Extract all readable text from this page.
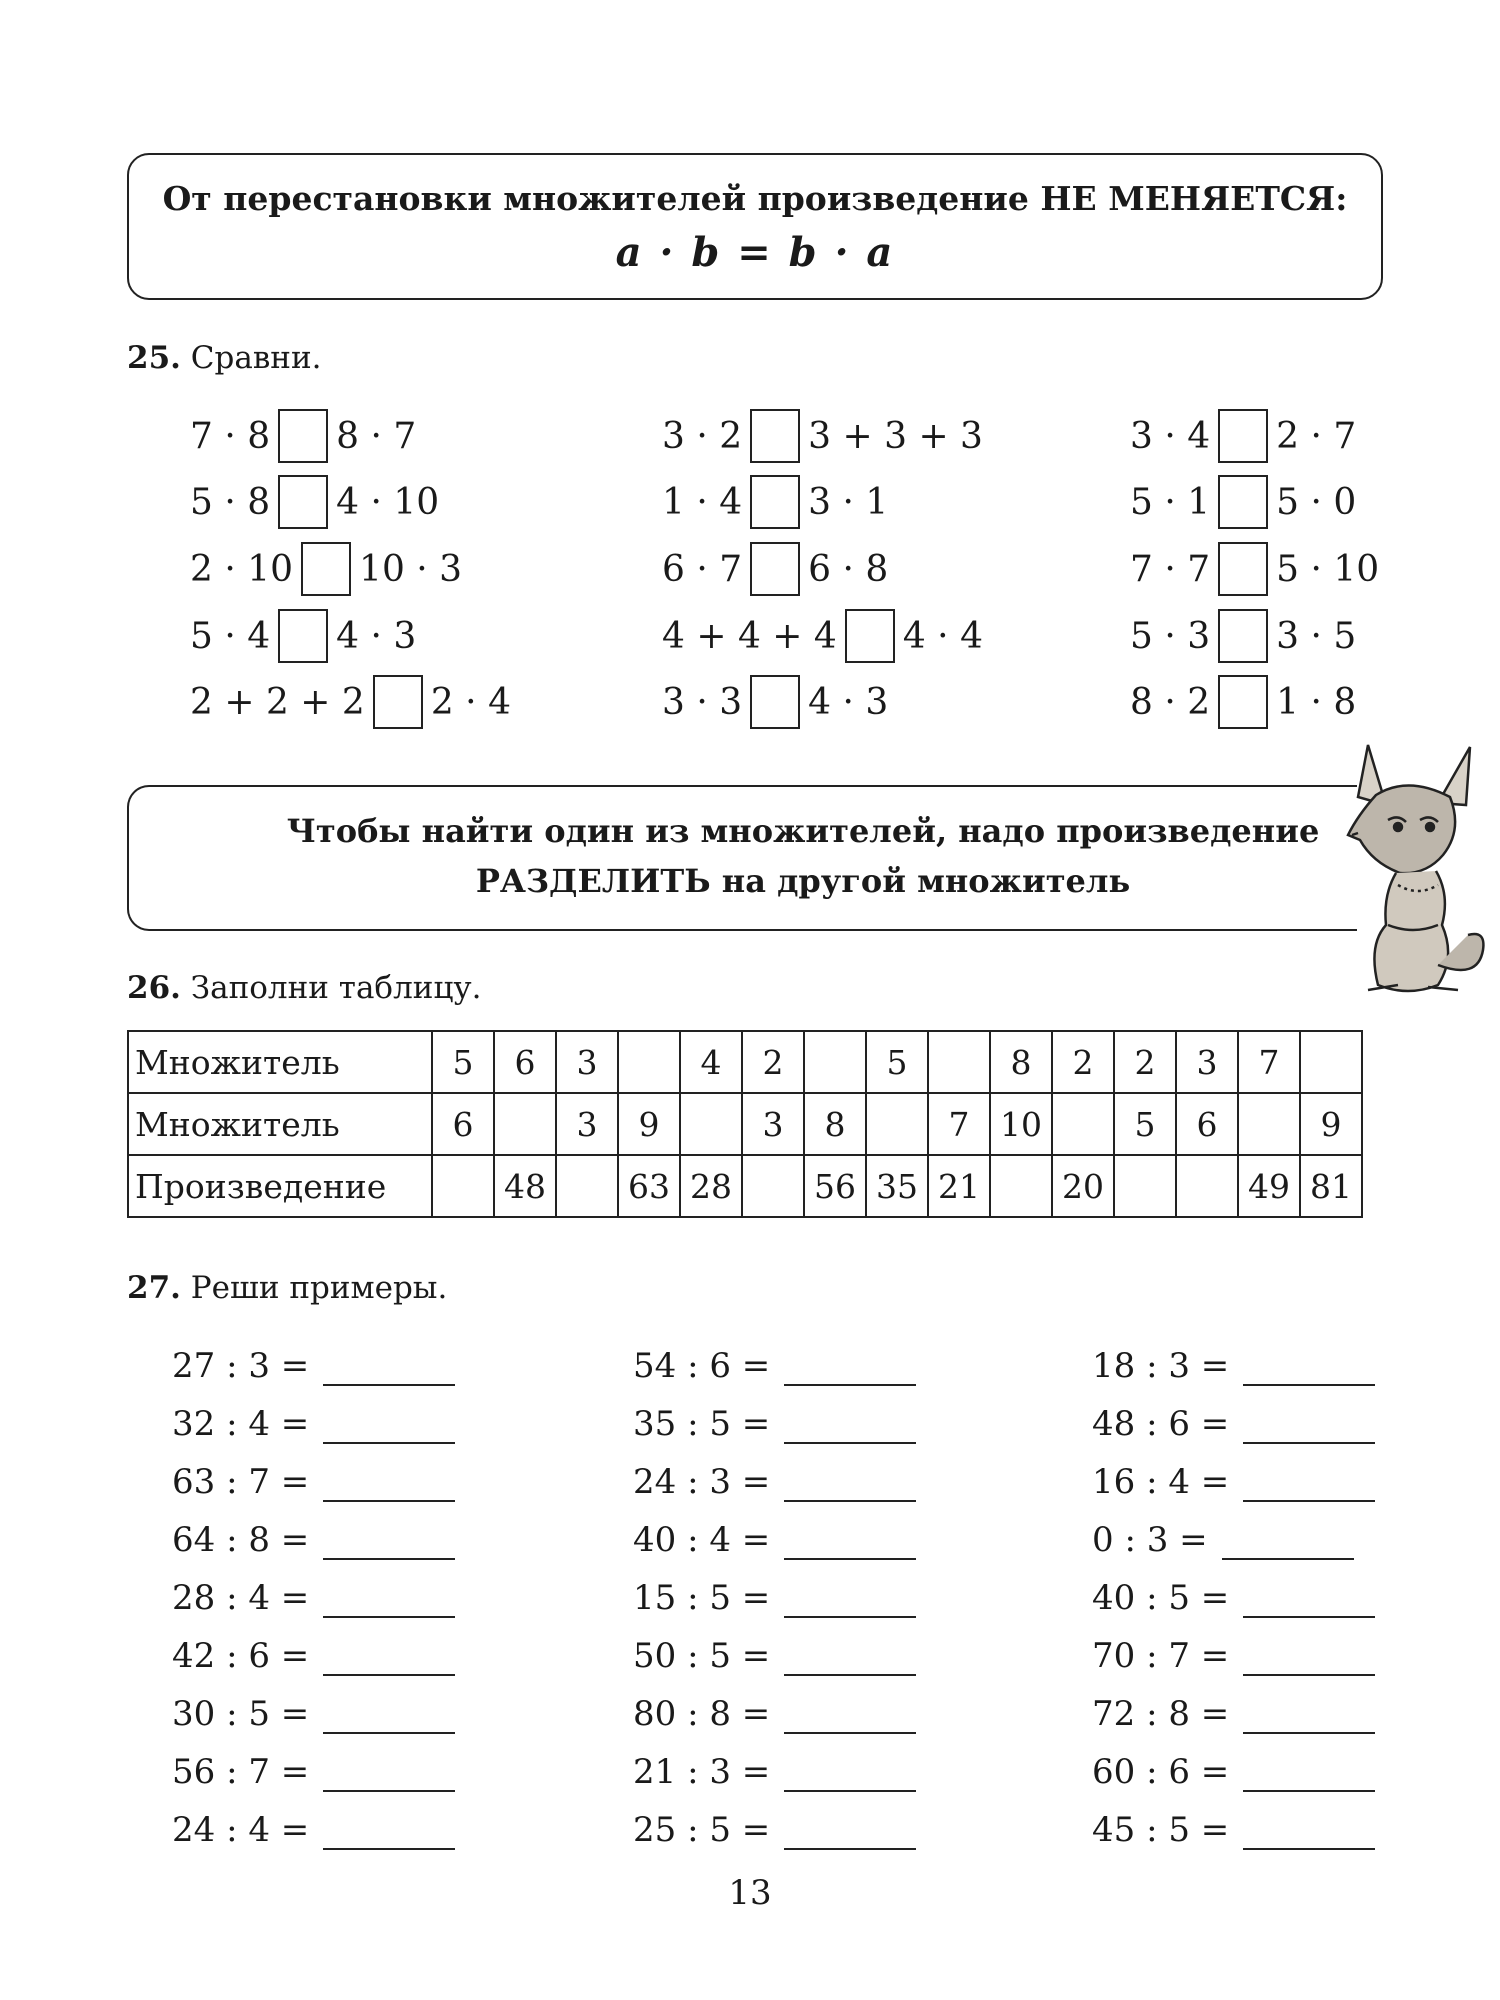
От перестановки множителей произведение НЕ МЕНЯЕТСЯ:
a · b = b · a
25. Сравни.
7 · 8 8 · 7
5 · 8 4 · 10
2 · 10 10 · 3
5 · 4 4 · 3
2 + 2 + 2 2 · 4
3 · 2 3 + 3 + 3
1 · 4 3 · 1
6 · 7 6 · 8
4 + 4 + 4 4 · 4
3 · 3 4 · 3
3 · 4 2 · 7
5 · 1 5 · 0
7 · 7 5 · 10
5 · 3 3 · 5
8 · 2 1 · 8
Чтобы найти один из множителей, надо произведение
РАЗДЕЛИТЬ на другой множитель
26. Заполни таблицу.
Множитель	5	6	3		4	2		5		8	2	2	3	7	
Множитель	6		3	9		3	8		7	10		5	6		9
Произведение		48		63	28		56	35	21		20			49	81
27. Реши примеры.
27 : 3 =
32 : 4 =
63 : 7 =
64 : 8 =
28 : 4 =
42 : 6 =
30 : 5 =
56 : 7 =
24 : 4 =
54 : 6 =
35 : 5 =
24 : 3 =
40 : 4 =
15 : 5 =
50 : 5 =
80 : 8 =
21 : 3 =
25 : 5 =
18 : 3 =
48 : 6 =
16 : 4 =
0 : 3 =
40 : 5 =
70 : 7 =
72 : 8 =
60 : 6 =
45 : 5 =
13
